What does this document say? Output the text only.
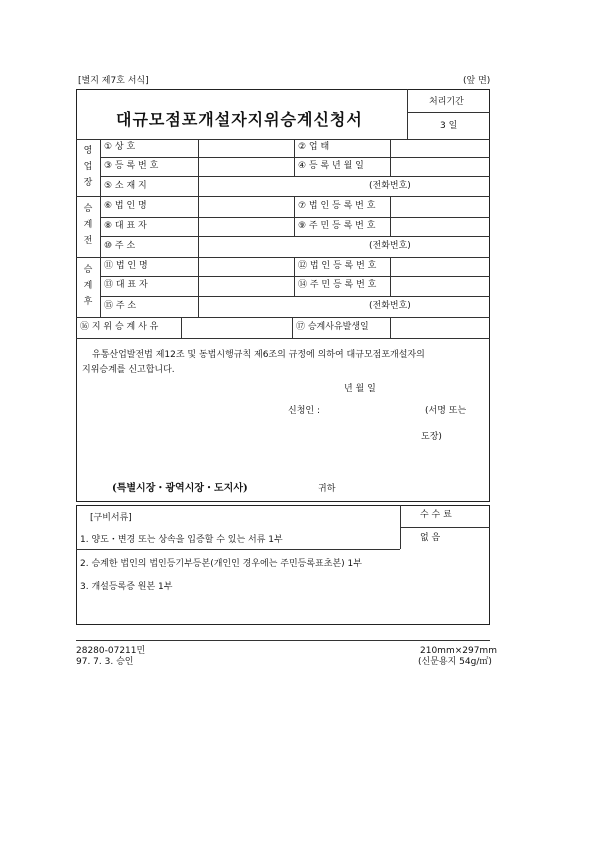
[별지 제7호 서식]	(앞 면)
대규모점포개설자지위승계신청서
처리기간
3 일
영
업
장
승
계
전
승
계
후
① 상 호	② 업 태
③ 등 록 번 호	④ 등 록 년 월 일
⑤ 소 재 지	(전화번호)
⑥ 법 인 명	⑦ 법 인 등 록 번 호
⑧ 대 표 자	⑨ 주 민 등 록 번 호
⑩ 주 소	(전화번호)
⑪ 법 인 명	⑫ 법 인 등 록 번 호
⑬ 대 표 자	⑭ 주 민 등 록 번 호
⑮ 주 소	(전화번호)
⑯ 지 위 승 계 사 유	⑰ 승계사유발생일
유통산업발전법 제12조 및 동법시행규칙 제6조의 규정에 의하여 대규모점포개설자의
지위승계를 신고합니다.
년 월 일
신청인 :	(서명 또는
도장)
(특별시장・광역시장・도지사)	귀하
[구비서류]	수 수 료
없 음
1. 양도・변경 또는 상속을 입증할 수 있는 서류 1부
2. 승계한 법인의 법인등기부등본(개인인 경우에는 주민등록표초본) 1부
3. 개설등록증 원본 1부
28280-07211민
97. 7. 3. 승인
210mm×297mm
(신문용지 54g/㎡)
